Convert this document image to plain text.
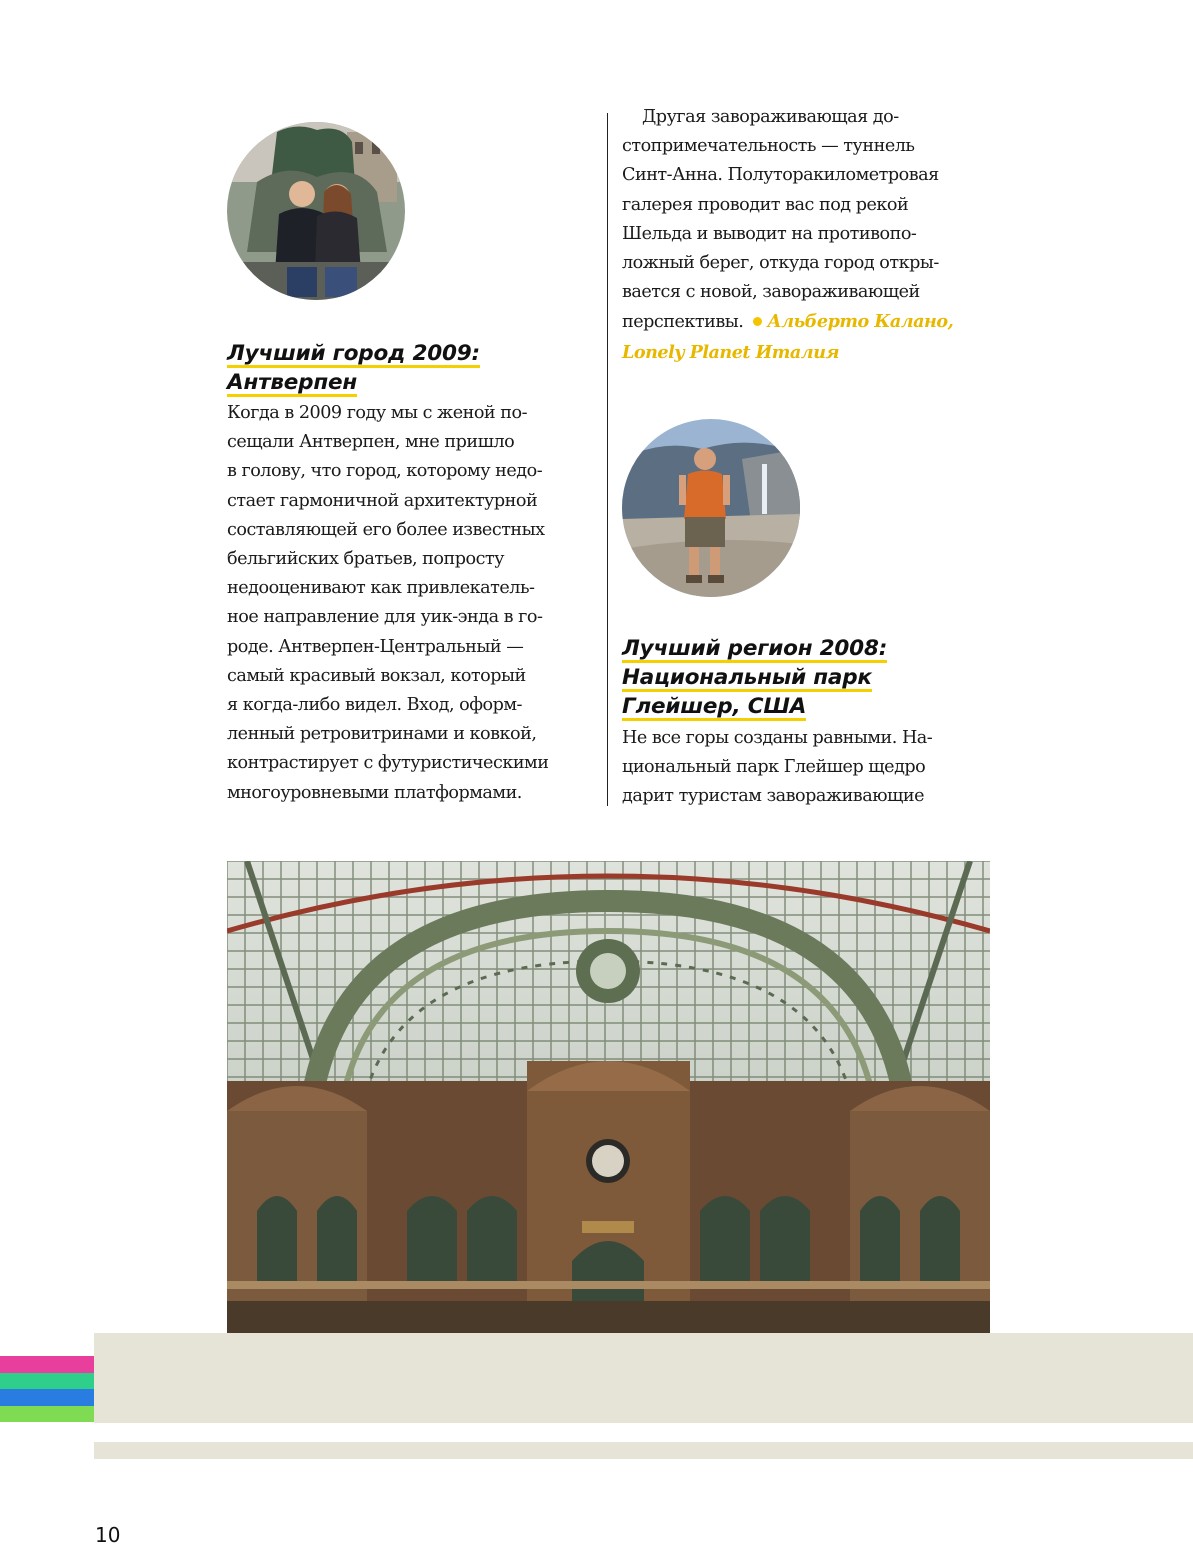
Лучший город 2009:
Антверпен
Когда в 2009 году мы с женой по-
сещали Антверпен, мне пришло
в голову, что город, которому недо-
стает гармоничной архитектурной
составляющей его более известных
бельгийских братьев, попросту
недооценивают как привлекатель-
ное направление для уик-энда в го-
роде. Антверпен-Центральный —
самый красивый вокзал, который
я когда-либо видел. Вход, оформ-
ленный ретровитринами и ковкой,
контрастирует с футуристическими
многоуровневыми платформами.
Другая завораживающая до-
стопримечательность — туннель
Синт-Анна. Полуторакилометровая
галерея проводит вас под рекой
Шельда и выводит на противопо-
ложный берег, откуда город откры-
вается с новой, завораживающей
перспективы. Альберто Калано,
Lonely Planet Италия
Лучший регион 2008:
Национальный парк
Глейшер, США
Не все горы созданы равными. На-
циональный парк Глейшер щедро
дарит туристам завораживающие
10
